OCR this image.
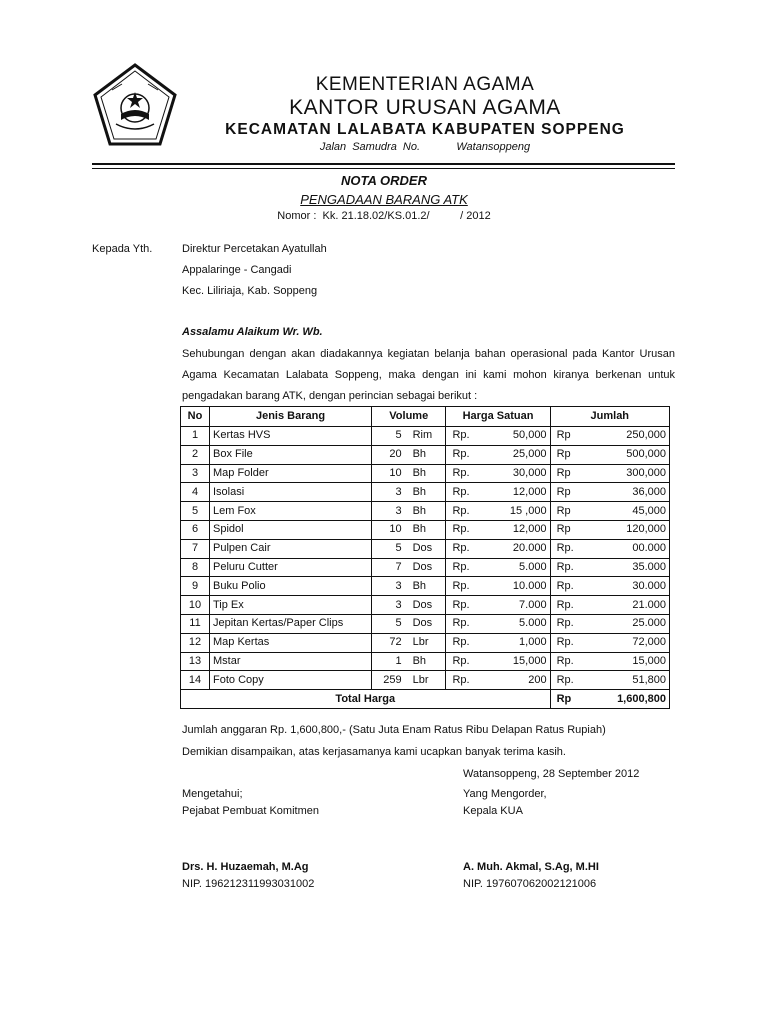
KEMENTERIAN AGAMA
KANTOR URUSAN AGAMA
KECAMATAN LALABATA KABUPATEN SOPPENG
Jalan Samudra No.      Watansoppeng
NOTA ORDER
PENGADAAN BARANG ATK
Nomor :  Kk. 21.18.02/KS.01.2/          / 2012
Kepada Yth.	Direktur Percetakan Ayatullah
Appalaringe - Cangadi
Kec. Liliriaja, Kab. Soppeng
Assalamu Alaikum Wr. Wb.
Sehubungan dengan akan diadakannya kegiatan belanja bahan operasional pada Kantor Urusan Agama Kecamatan Lalabata Soppeng, maka dengan ini kami mohon kiranya berkenan untuk pengadakan barang ATK, dengan perincian sebagai berikut :
No	Jenis Barang	Volume		Harga Satuan		Jumlah	
1	Kertas HVS	5	Rim	Rp.	50,000	Rp	250,000
2	Box File	20	Bh	Rp.	25,000	Rp	500,000
3	Map Folder	10	Bh	Rp.	30,000	Rp	300,000
4	Isolasi	3	Bh	Rp.	12,000	Rp	36,000
5	Lem Fox	3	Bh	Rp.	15 ,000	Rp	45,000
6	Spidol	10	Bh	Rp.	12,000	Rp	120,000
7	Pulpen Cair	5	Dos	Rp.	20.000	Rp.	00.000
8	Peluru Cutter	7	Dos	Rp.	5.000	Rp.	35.000
9	Buku Polio	3	Bh	Rp.	10.000	Rp.	30.000
10	Tip Ex	3	Dos	Rp.	7.000	Rp.	21.000
11	Jepitan Kertas/Paper Clips	5	Dos	Rp.	5.000	Rp.	25.000
12	Map Kertas	72	Lbr	Rp.	1,000	Rp.	72,000
13	Mstar	1	Bh	Rp.	15,000	Rp.	15,000
14	Foto Copy	259	Lbr	Rp.	200	Rp.	51,800
Total Harga						Rp	1,600,800
Jumlah anggaran Rp. 1,600,800,- (Satu Juta Enam Ratus Ribu Delapan Ratus Rupiah)
Demikian disampaikan, atas kerjasamanya kami ucapkan banyak terima kasih.
Watansoppeng, 28 September 2012
Mengetahui;
Pejabat Pembuat Komitmen
Yang Mengorder,
Kepala KUA
Drs. H. Huzaemah, M.Ag
NIP. 196212311993031002
A. Muh. Akmal, S.Ag, M.HI
NIP. 197607062002121006
